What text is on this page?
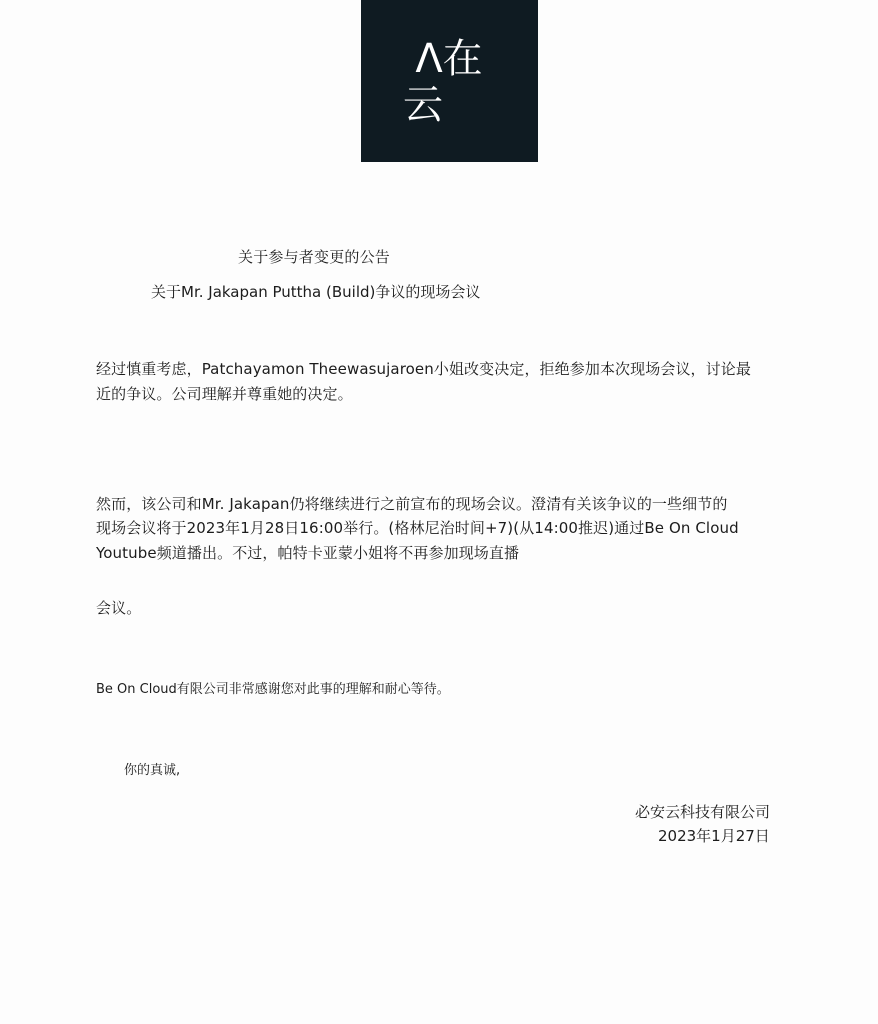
Λ在
云
关于参与者变更的公告
关于Mr. Jakapan Puttha (Build)争议的现场会议
经过慎重考虑，Patchayamon Theewasujaroen小姐改变决定，拒绝参加本次现场会议，讨论最
近的争议。公司理解并尊重她的决定。
然而，该公司和Mr. Jakapan仍将继续进行之前宣布的现场会议。澄清有关该争议的一些细节的
现场会议将于2023年1月28日16:00举行。(格林尼治时间+7)(从14:00推迟)通过Be On Cloud
Youtube频道播出。不过，帕特卡亚蒙小姐将不再参加现场直播
会议。
Be On Cloud有限公司非常感谢您对此事的理解和耐心等待。
你的真诚,
必安云科技有限公司
2023年1月27日
